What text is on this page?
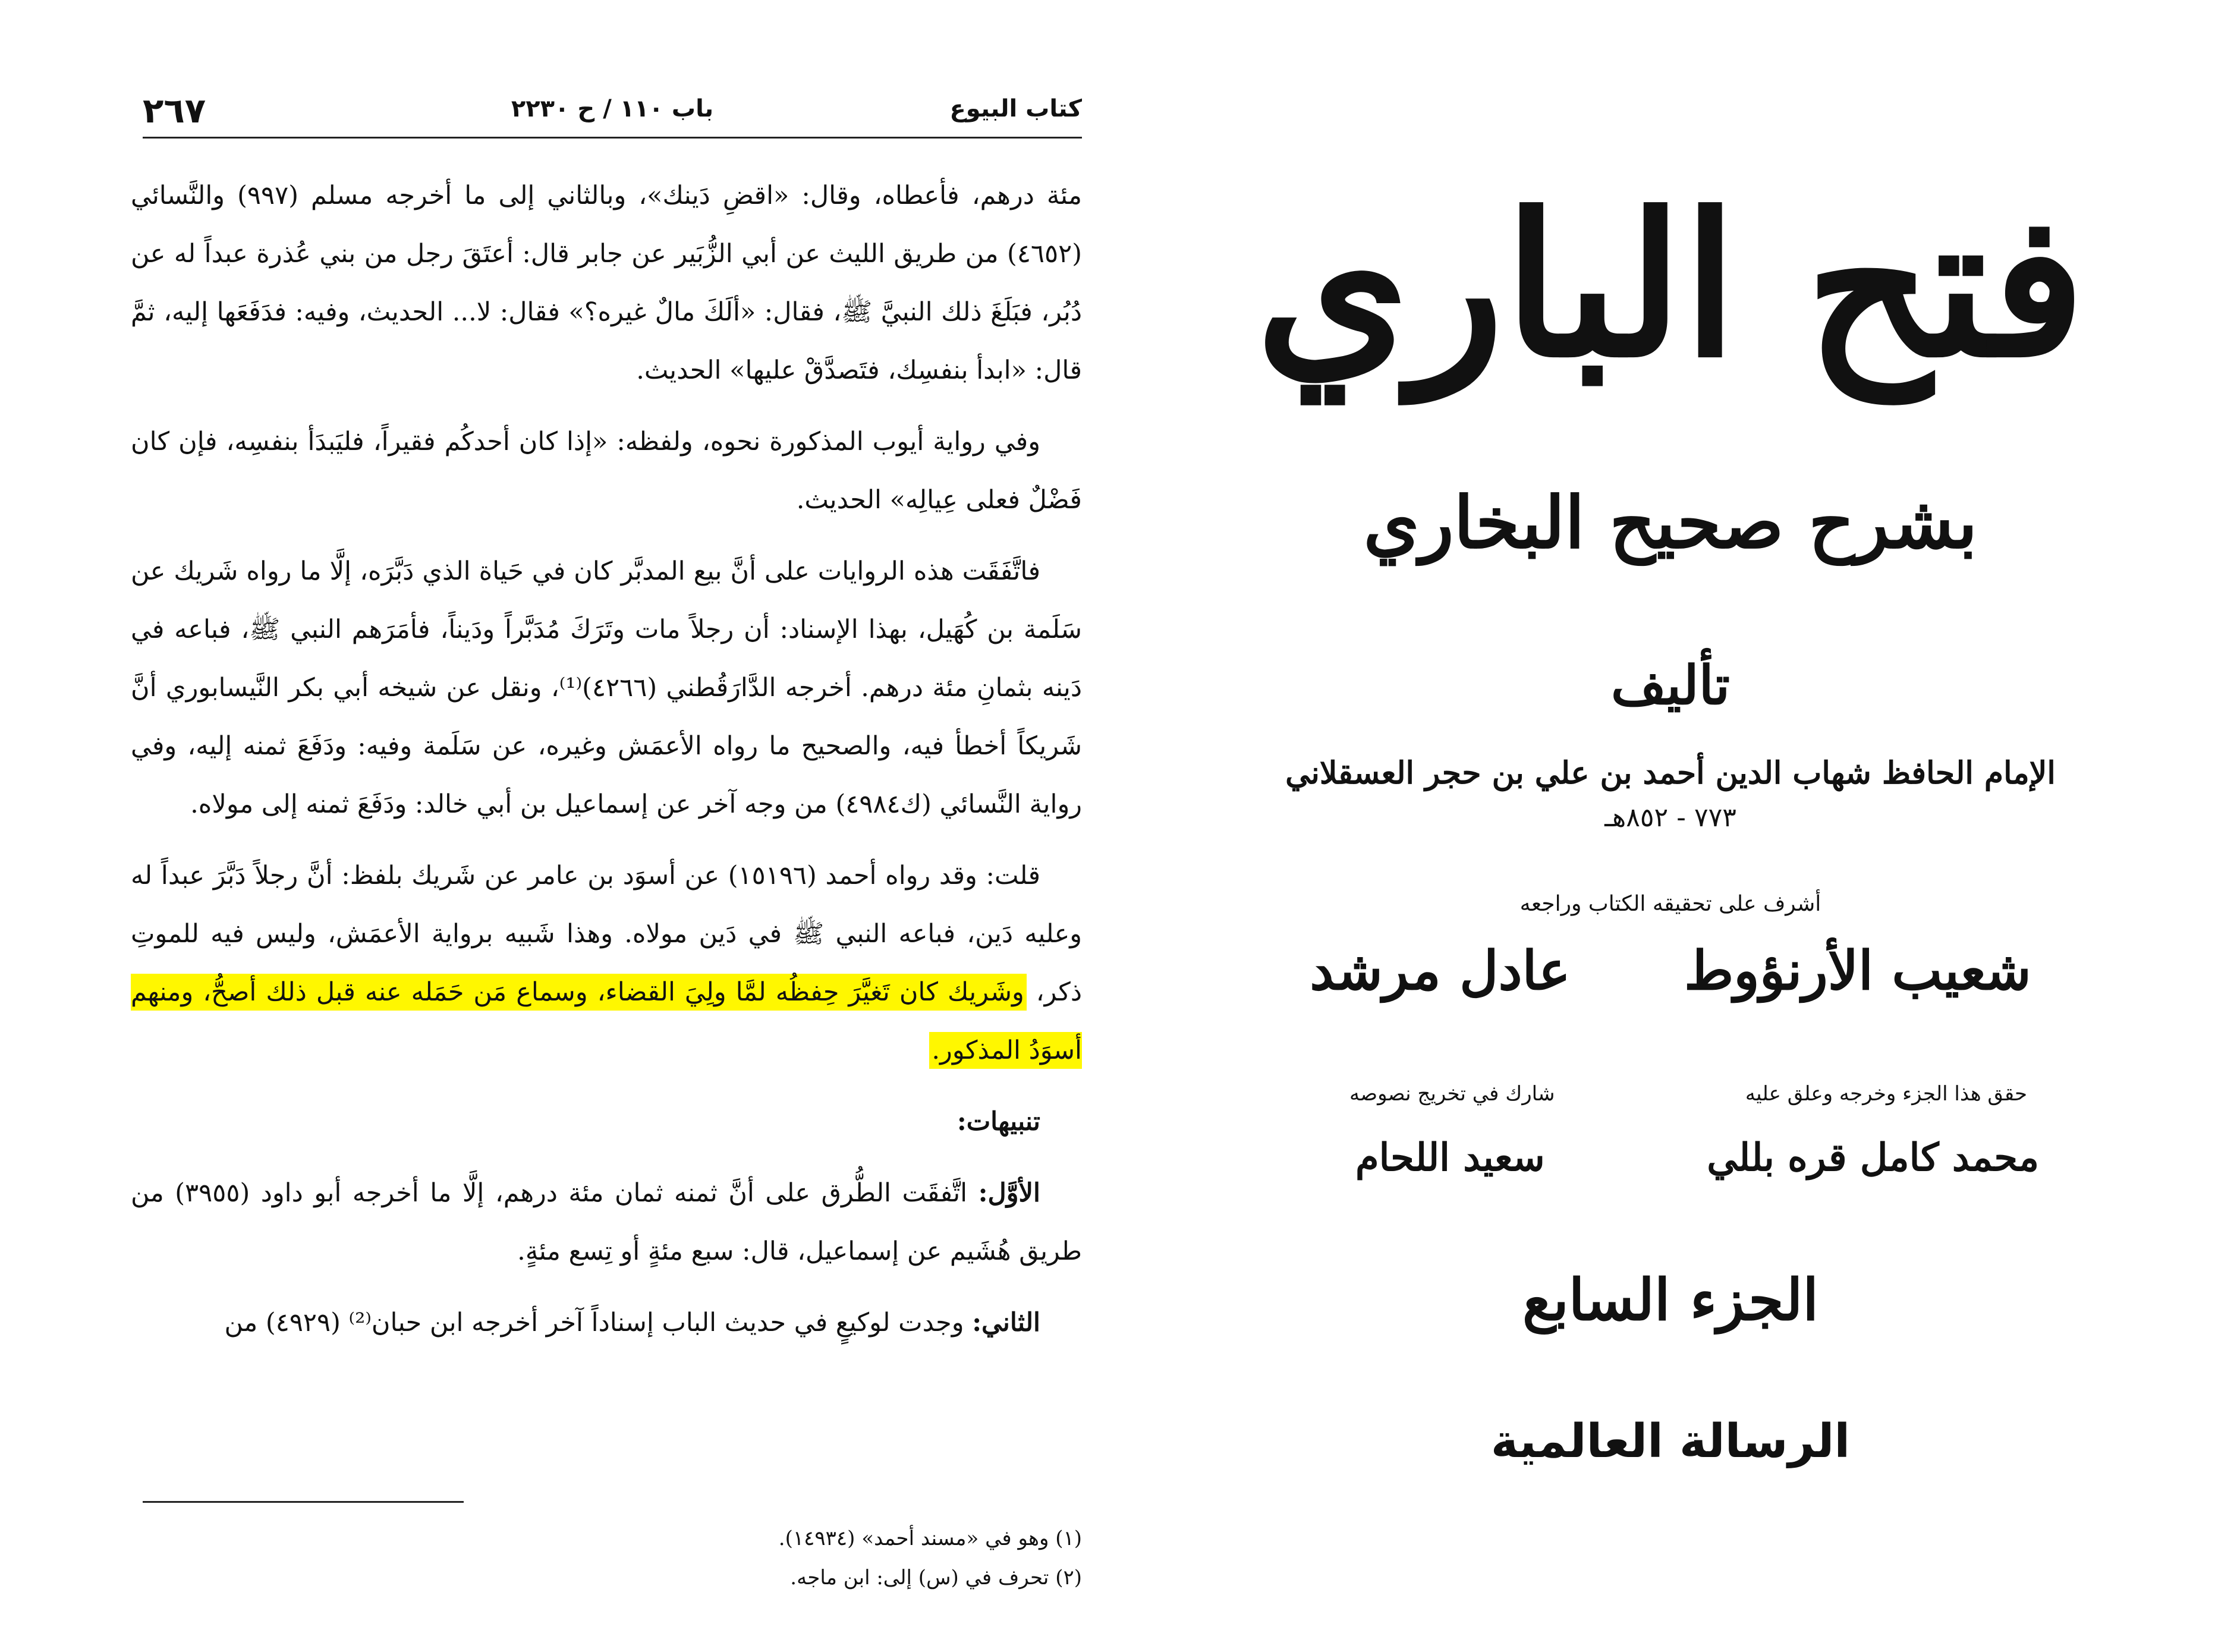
كتاب البيوع
باب ١١٠ / ح ٢٢٣٠
٢٦٧

مئة درهم، فأعطاه، وقال: «اقضِ دَينك»، وبالثاني إلى ما أخرجه مسلم (٩٩٧) والنَّسائي (٤٦٥٢) من طريق الليث عن أبي الزُّبَير عن جابر قال: أعتَقَ رجل من بني عُذرة عبداً له عن دُبُر، فبَلَغَ ذلك النبيَّ ﷺ، فقال: «ألَكَ مالٌ غيره؟» فقال: لا... الحديث، وفيه: فدَفَعَها إليه، ثمَّ قال: «ابدأ بنفسِك، فتَصدَّقْ عليها» الحديث.

وفي رواية أيوب المذكورة نحوه، ولفظه: «إذا كان أحدكُم فقيراً، فليَبدَأ بنفسِه، فإن كان فَضْلٌ فعلى عِيالِه» الحديث.

فاتَّفَقَت هذه الروايات على أنَّ بيع المدبَّر كان في حَياة الذي دَبَّرَه، إلَّا ما رواه شَريك عن سَلَمة بن كُهَيل، بهذا الإسناد: أن رجلاً مات وتَرَكَ مُدَبَّراً ودَيناً، فأمَرَهم النبي ﷺ، فباعه في دَينه بثمانِ مئة درهم. أخرجه الدَّارَقُطني (٤٢٦٦)⁽¹⁾، ونقل عن شيخه أبي بكر النَّيسابوري أنَّ شَريكاً أخطأ فيه، والصحيح ما رواه الأعمَش وغيره، عن سَلَمة وفيه: ودَفَعَ ثمنه إليه، وفي رواية النَّسائي (ك٤٩٨٤) من وجه آخر عن إسماعيل بن أبي خالد: ودَفَعَ ثمنه إلى مولاه.

قلت: وقد رواه أحمد (١٥١٩٦) عن أسوَد بن عامر عن شَريك بلفظ: أنَّ رجلاً دَبَّرَ عبداً له وعليه دَين، فباعه النبي ﷺ في دَين مولاه. وهذا شَبيه برواية الأعمَش، وليس فيه للموتِ ذكر، وشَريك كان تَغيَّرَ حِفظُه لمَّا ولِيَ القضاء، وسماع مَن حَمَله عنه قبل ذلك أصحُّ، ومنهم أسوَدُ المذكور.

تنبيهات:

الأوَّل: اتَّفقَت الطُّرق على أنَّ ثمنه ثمان مئة درهم، إلَّا ما أخرجه أبو داود (٣٩٥٥) من طريق هُشَيم عن إسماعيل، قال: سبع مئةٍ أو تِسع مئةٍ.

الثاني: وجدت لوكيعٍ في حديث الباب إسناداً آخر أخرجه ابن حبان⁽²⁾ (٤٩٢٩) من

(١) وهو في «مسند أحمد» (١٤٩٣٤).
(٢) تحرف في (س) إلى: ابن ماجه.
فتح الباري
بشرح صحيح البخاري
تأليف
الإمام الحافظ شهاب الدين أحمد بن علي بن حجر العسقلاني
٧٧٣ - ٨٥٢هـ
أشرف على تحقيقه الكتاب وراجعه
شعيب الأرنؤوط عادل مرشد
حقق هذا الجزء وخرجه وعلق عليه
شارك في تخريج نصوصه
محمد كامل قره بللي
سعيد اللحام
الجزء السابع
الرسالة العالمية
